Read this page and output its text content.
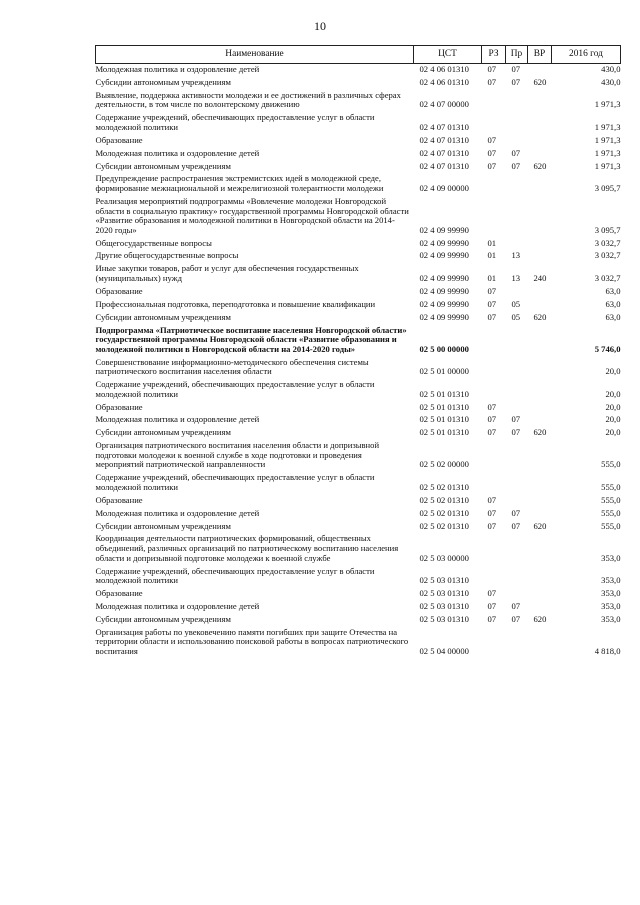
10
Наименование	ЦСТ	РЗ	Пр	ВР	2016 год
Молодежная политика и оздоровление детей	02 4 06 01310	07	07		430,0
Субсидии автономным учреждениям	02 4 06 01310	07	07	620	430,0
Выявление, поддержка активности молодежи и ее достижений в различных сферах деятельности, в том числе по волонтерскому движению	02 4 07 00000				1 971,3
Содержание учреждений, обеспечивающих предоставление услуг в области молодежной политики	02 4 07 01310				1 971,3
Образование	02 4 07 01310	07			1 971,3
Молодежная политика и оздоровление детей	02 4 07 01310	07	07		1 971,3
Субсидии автономным учреждениям	02 4 07 01310	07	07	620	1 971,3
Предупреждение распространения экстремистских идей в молодежной среде, формирование межнациональной и межрелигиозной толерантности молодежи	02 4 09 00000				3 095,7
Реализация мероприятий подпрограммы «Вовлечение молодежи Новгородской области в социальную практику» государственной программы Новгородской области «Развитие образования и молодежной политики в Новгородской области на 2014-2020 годы»	02 4 09 99990				3 095,7
Общегосударственные вопросы	02 4 09 99990	01			3 032,7
Другие общегосударственные вопросы	02 4 09 99990	01	13		3 032,7
Иные закупки товаров, работ и услуг для обеспечения государственных (муниципальных) нужд	02 4 09 99990	01	13	240	3 032,7
Образование	02 4 09 99990	07			63,0
Профессиональная подготовка, переподготовка и повышение квалификации	02 4 09 99990	07	05		63,0
Субсидии автономным учреждениям	02 4 09 99990	07	05	620	63,0
Подпрограмма «Патриотическое воспитание населения Новгородской области» государственной программы Новгородской области «Развитие образования и молодежной политики в Новгородской области на 2014-2020 годы»	02 5 00 00000				5 746,0
Совершенствование информационно-методического обеспечения системы патриотического воспитания населения области	02 5 01 00000				20,0
Содержание учреждений, обеспечивающих предоставление услуг в области молодежной политики	02 5 01 01310				20,0
Образование	02 5 01 01310	07			20,0
Молодежная политика и оздоровление детей	02 5 01 01310	07	07		20,0
Субсидии автономным учреждениям	02 5 01 01310	07	07	620	20,0
Организация патриотического воспитания населения области и допризывной подготовки молодежи к военной службе в ходе подготовки и проведения мероприятий патриотической направленности	02 5 02 00000				555,0
Содержание учреждений, обеспечивающих предоставление услуг в области молодежной политики	02 5 02 01310				555,0
Образование	02 5 02 01310	07			555,0
Молодежная политика и оздоровление детей	02 5 02 01310	07	07		555,0
Субсидии автономным учреждениям	02 5 02 01310	07	07	620	555,0
Координация деятельности патриотических формирований, общественных объединений, различных организаций по патриотическому воспитанию населения области и допризывной подготовке молодежи к военной службе	02 5 03 00000				353,0
Содержание учреждений, обеспечивающих предоставление услуг в области молодежной политики	02 5 03 01310				353,0
Образование	02 5 03 01310	07			353,0
Молодежная политика и оздоровление детей	02 5 03 01310	07	07		353,0
Субсидии автономным учреждениям	02 5 03 01310	07	07	620	353,0
Организация работы по увековечению памяти погибших при защите Отечества на территории области и использованию поисковой работы в вопросах патриотического воспитания	02 5 04 00000				4 818,0
